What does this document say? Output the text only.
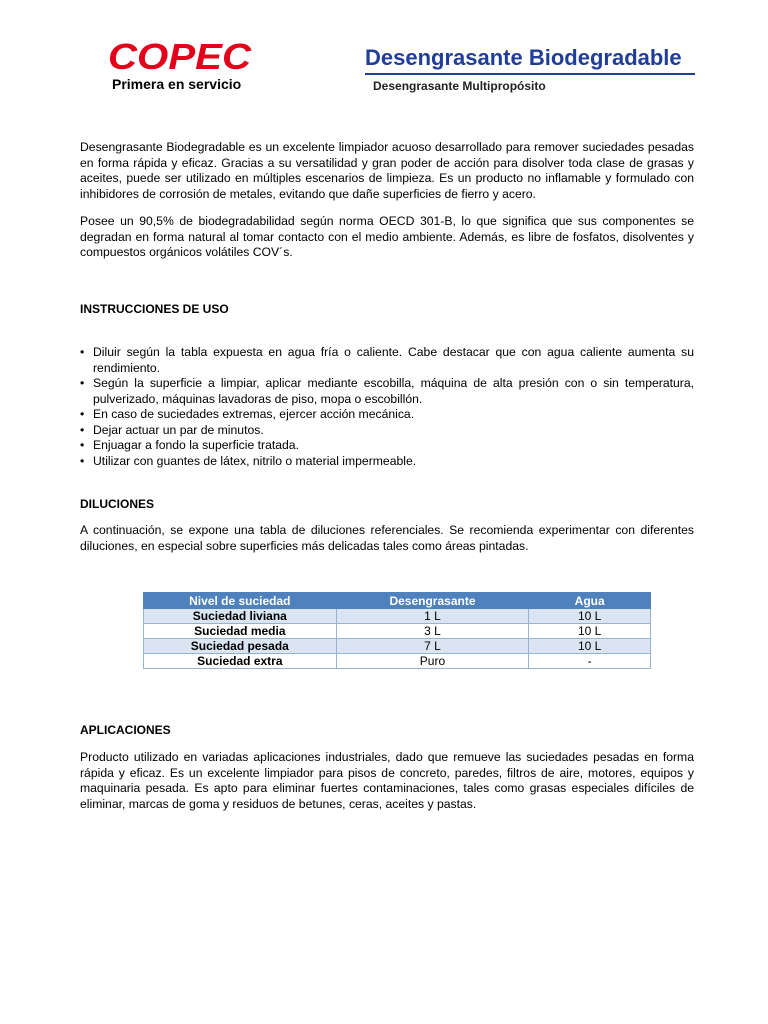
COPEC
Primera en servicio
Desengrasante Biodegradable
Desengrasante Multipropósito

Desengrasante Biodegradable es un excelente limpiador acuoso desarrollado para remover suciedades pesadas en forma rápida y eficaz. Gracias a su versatilidad y gran poder de acción para disolver toda clase de grasas y aceites, puede ser utilizado en múltiples escenarios de limpieza. Es un producto no inflamable y formulado con inhibidores de corrosión de metales, evitando que dañe superficies de fierro y acero.

Posee un 90,5% de biodegradabilidad según norma OECD 301-B, lo que significa que sus componentes se degradan en forma natural al tomar contacto con el medio ambiente. Además, es libre de fosfatos, disolventes y compuestos orgánicos volátiles COV´s.

INSTRUCCIONES DE USO
• Diluir según la tabla expuesta en agua fría o caliente. Cabe destacar que con agua caliente aumenta su rendimiento.
• Según la superficie a limpiar, aplicar mediante escobilla, máquina de alta presión con o sin temperatura, pulverizado, máquinas lavadoras de piso, mopa o escobillón.
• En caso de suciedades extremas, ejercer acción mecánica.
• Dejar actuar un par de minutos.
• Enjuagar a fondo la superficie tratada.
• Utilizar con guantes de látex, nitrilo o material impermeable.
DILUCIONES

A continuación, se expone una tabla de diluciones referenciales. Se recomienda experimentar con diferentes diluciones, en especial sobre superficies más delicadas tales como áreas pintadas.

Nivel de suciedad	Desengrasante	Agua
Suciedad liviana	1 L	10 L
Suciedad media	3 L	10 L
Suciedad pesada	7 L	10 L
Suciedad extra	Puro	-
APLICACIONES

Producto utilizado en variadas aplicaciones industriales, dado que remueve las suciedades pesadas en forma rápida y eficaz. Es un excelente limpiador para pisos de concreto, paredes, filtros de aire, motores, equipos y maquinaria pesada. Es apto para eliminar fuertes contaminaciones, tales como grasas especiales difíciles de eliminar, marcas de goma y residuos de betunes, ceras, aceites y pastas.
